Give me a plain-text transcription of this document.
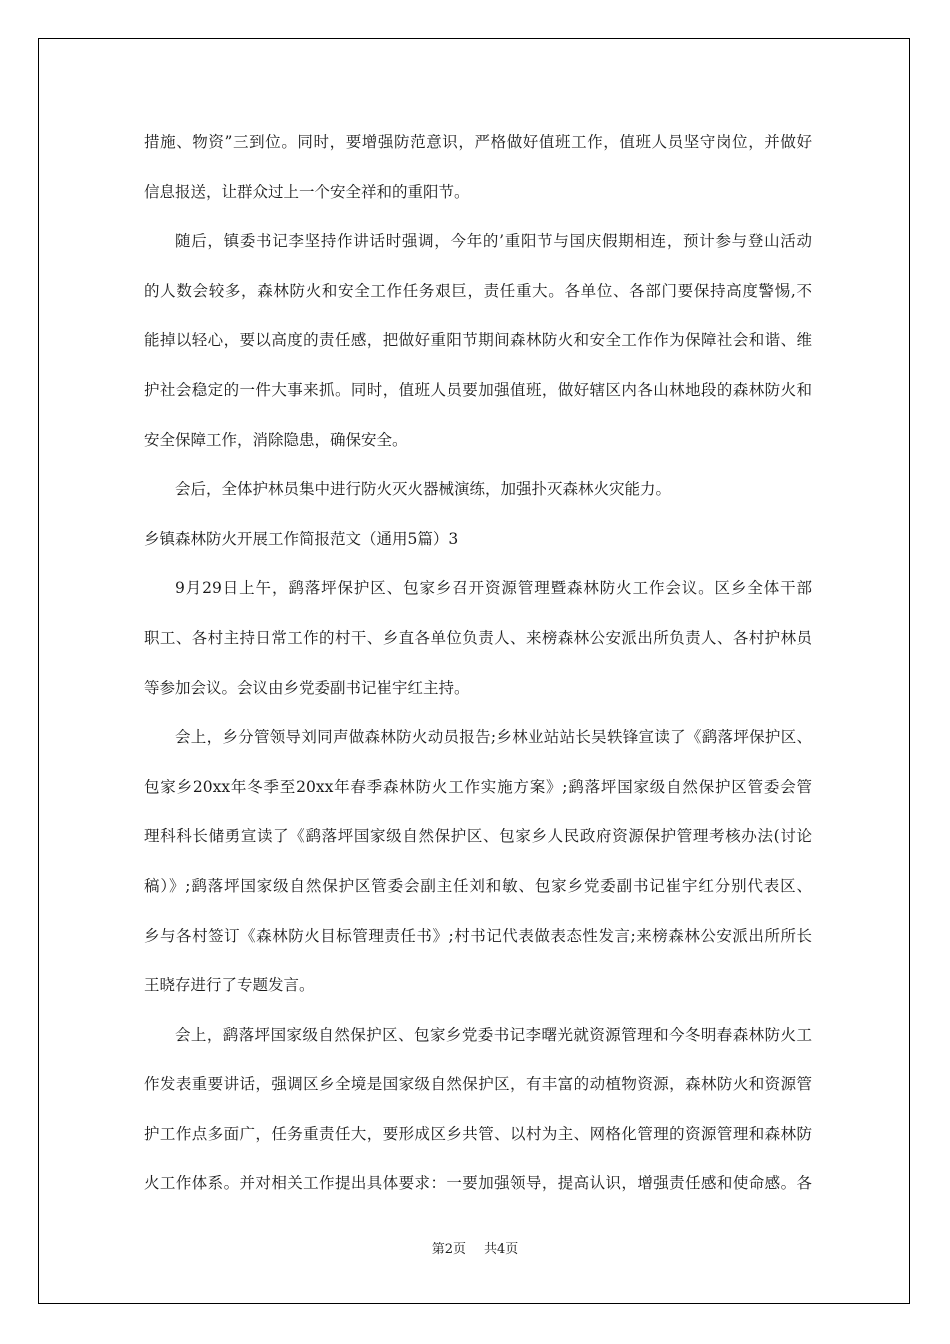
措施、物资”三到位。同时，要增强防范意识，严格做好值班工作，值班人员坚守岗位，并做好
信息报送，让群众过上一个安全祥和的重阳节。
随后，镇委书记李坚持作讲话时强调，今年的’重阳节与国庆假期相连，预计参与登山活动
的人数会较多，森林防火和安全工作任务艰巨，责任重大。各单位、各部门要保持高度警惕,不
能掉以轻心，要以高度的责任感，把做好重阳节期间森林防火和安全工作作为保障社会和谐、维
护社会稳定的一件大事来抓。同时，值班人员要加强值班，做好辖区内各山林地段的森林防火和
安全保障工作，消除隐患，确保安全。
会后，全体护林员集中进行防火灭火器械演练，加强扑灭森林火灾能力。
乡镇森林防火开展工作简报范文（通用5篇）3
9月29日上午，鹞落坪保护区、包家乡召开资源管理暨森林防火工作会议。区乡全体干部
职工、各村主持日常工作的村干、乡直各单位负责人、来榜森林公安派出所负责人、各村护林员
等参加会议。会议由乡党委副书记崔宇红主持。
会上，乡分管领导刘同声做森林防火动员报告;乡林业站站长吴轶锋宣读了《鹞落坪保护区、
包家乡20xx年冬季至20xx年春季森林防火工作实施方案》;鹞落坪国家级自然保护区管委会管
理科科长储勇宣读了《鹞落坪国家级自然保护区、包家乡人民政府资源保护管理考核办法(讨论
稿）》;鹞落坪国家级自然保护区管委会副主任刘和敏、包家乡党委副书记崔宇红分别代表区、
乡与各村签订《森林防火目标管理责任书》;村书记代表做表态性发言;来榜森林公安派出所所长
王晓存进行了专题发言。
会上，鹞落坪国家级自然保护区、包家乡党委书记李曙光就资源管理和今冬明春森林防火工
作发表重要讲话，强调区乡全境是国家级自然保护区，有丰富的动植物资源，森林防火和资源管
护工作点多面广，任务重责任大，要形成区乡共管、以村为主、网格化管理的资源管理和森林防
火工作体系。并对相关工作提出具体要求：一要加强领导，提高认识，增强责任感和使命感。各
第2页 共4页
